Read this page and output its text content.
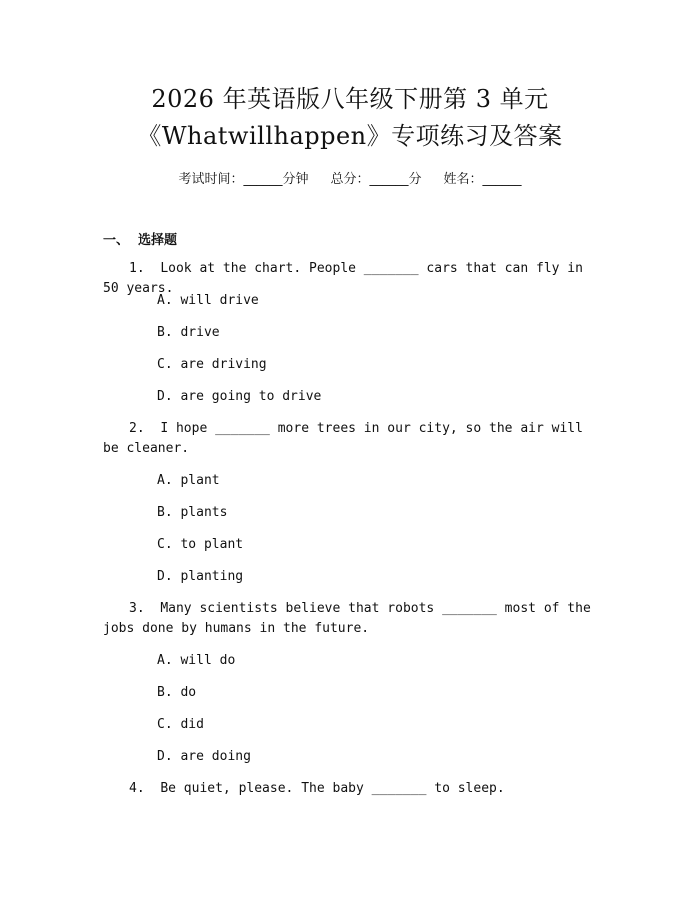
2026 年英语版八年级下册第 3 单元
《Whatwillhappen》专项练习及答案
考试时间：______分钟 总分：______分 姓名：______
一、  选择题
1. Look at the chart. People _______ cars that can fly in 50 years.
A. will drive
B. drive
C. are driving
D. are going to drive
2. I hope _______ more trees in our city, so the air will be cleaner.
A. plant
B. plants
C. to plant
D. planting
3. Many scientists believe that robots _______ most of the jobs done by humans in the future.
A. will do
B. do
C. did
D. are doing
4. Be quiet, please. The baby _______ to sleep.
